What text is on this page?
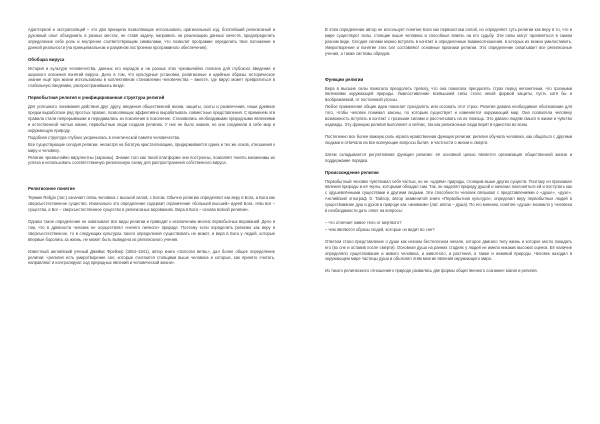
Адаптерной и экстраполяций – это два принципа позволяющие использовать оригинальный ход, богатейший религиозный и духовный опыт объединить в разных местах, не ставя задачу, направить на реализацию данных качеств, предопределить определение себе роль и внутренне соответствующим символами, что позволит программе определить твое положение в данной реальности (на принципиальном и разумном построении программного обеспечения).

Обобщка вируса

История и культура человечества, данных его народов и на разных этах чрезвычайно полезна для глубокого введения и широкого освоения понятий вируса. Дело в том, что культурные установки, религиозные и идейные образы, историческое знание ещё при жизни использованы в коллективном становлении человечества – вместе, где вирус может превратиться в глобальную пандемию, распространившись везде.

Первобытная религия и унифицированная структура религий

Для успешного понимания действия друг другу, введения общественной жизни, защиты, охоты и развлечения, наши древние предки выработали ряд простых правил, позволяющих эффективно вырабатывать совместные представления. С временем эти правила стали непрерывными и передавались из поколения в поколение. Становились необходимыми природными явлениями и естественной частью жизни, первобытные люди создали религию. У них не было знания, но они соединили в себе мир и окружающую природу.

Подобная структура глубоко укоренилась в генетической памяти человечества.

Все существующие сегодня религии, несмотря на богатую кристаллизацию, придерживаются одних и тех же основ, отношения к миру и человеку.

Религии чрезвычайно вирулентны (заразны). Знание того как такой платформе они построены, позволяет понять механизмы их успеха и использовать соответственную религиозную схему для распространения собственного вируса.

Религиозное понятие

Термин Religio (лат.) означает связь человека с высшей силой, с Богом. Обычно религию определяют как веру в Бога, а Бога как сверхъестественное существо. Изначально это определение содержит ограничение «большей высшей» идеей Бога. «Мы все – существа, а Бог – сверхъестественное существо в религиозных верованиях. Вера в Бога – основа всякой религии».

Однако такое определение не охватывает все виды религии и приводит к исключению многих первобытных верований. Дело в том, что в древности человек не осуществлял «ничего личного» природе. Поэтому если определить религию как веру в сверхъестественное, то в следующих культурах такого определения существовать не может, и вера в Бога у людей, которые впервые боролись за жизнь, не может быть выведена из религиозного учения.

Известный английский ученый Джеймс Фрейзер (1854–1941), автор книги «Золотая ветвь», дал более общее определение религии: «религия есть умиротворение сил, которые считаются стоящими выше человека и которые, как принято считать, направляют и контролируют ход природных явлений и человеческой жизни».

В этом определении автор не использует понятие Бога как первоистоки силой, но определяет суть религии как веру в то, что в мире существуют силы, стоящие выше человека и способные влиять на его судьбу. Эти силы могут проявляться в самом разном виде. Сегодня силами можно вступать в контакт и определенные взаимоотношения, в которых их можно умилостивить. Умиротворение и понятие этих сил составляют основные признаки религии. Это определение охватывает все религиозные учения, а также системы обрядов.

Функции религии

Вера в высшие силы помогала преодолеть тревогу, что она помогала преодолеть страх перед непонятным, что грозными явлениями окружающей природы. Умилостивление всевышней силы стало некой формой защиты, пусть хотя бы и воображаемой, от постоянной угрозы.

Любое применение общие идеи помогает преодолеть или осознать этот страх. Религия давала необходимое обоснование для того, чтобы человек понимал законы, по которым существует и изменяется окружающий мир. Она позволяла человеку возможность вступать в контакт с грозными силами и рассчитывать на их помощь. Это давало людям смысл в жизни и чувство надежды. Эту функцию религия выполняет и сейчас, так как религиозные люди верят в единство во всем.

Постепенно все более важную роль играла нравственная функция религии: религия обучала человека, как общаться с другими людьми и отвечала на все волнующие вопросы бытия, в частности о жизни и смерти.

Затем складывается регулятивная функция религии: её основной целью является организация общественной жизни и поддержание порядка.

Происхождение религии

Первобытный человек чувствовал себя частью, но не «царём» природы, стоящим выше других существ. Поэтому он признавал явления природы и её черты, которыми обладал сам. Так, он наделял природу душой и начинал поклоняться ей и поступать как с одушевлёнными существами и другими людьми. Эти способности человек связывал с представлениями о «душе», «духе». Английский этнограф Э. Тайлор, автор знаменитой книги «Первобытная культура», определил веру первобытных людей в существование душ и духов в природе как «анимизм» (лат. anima – душа). По его мнению, понятие «душа» возникло у человека в необходимости дать ответ на вопросы:

– что отличает живое тело от мертвого?

– чем являются образы людей, которые он видит во сне?

Ответом стало представление о душе как некоем бестелесном начале, которое двигало телу жизнь и которое могло покидать его (во сне и оставив после смерти). Основная душа на ранних стадиях у людей не имела никаких высоких оценок. Её наличие определяло существование и живого человека, и животного, и растения, а также и неживой природы. Человек находил в окружающем мире частицы души и объяснял этим многие явления окружающего мира.

Из такого религиозного отношения к природе развились две формы общественного сознания: магия и религия.
